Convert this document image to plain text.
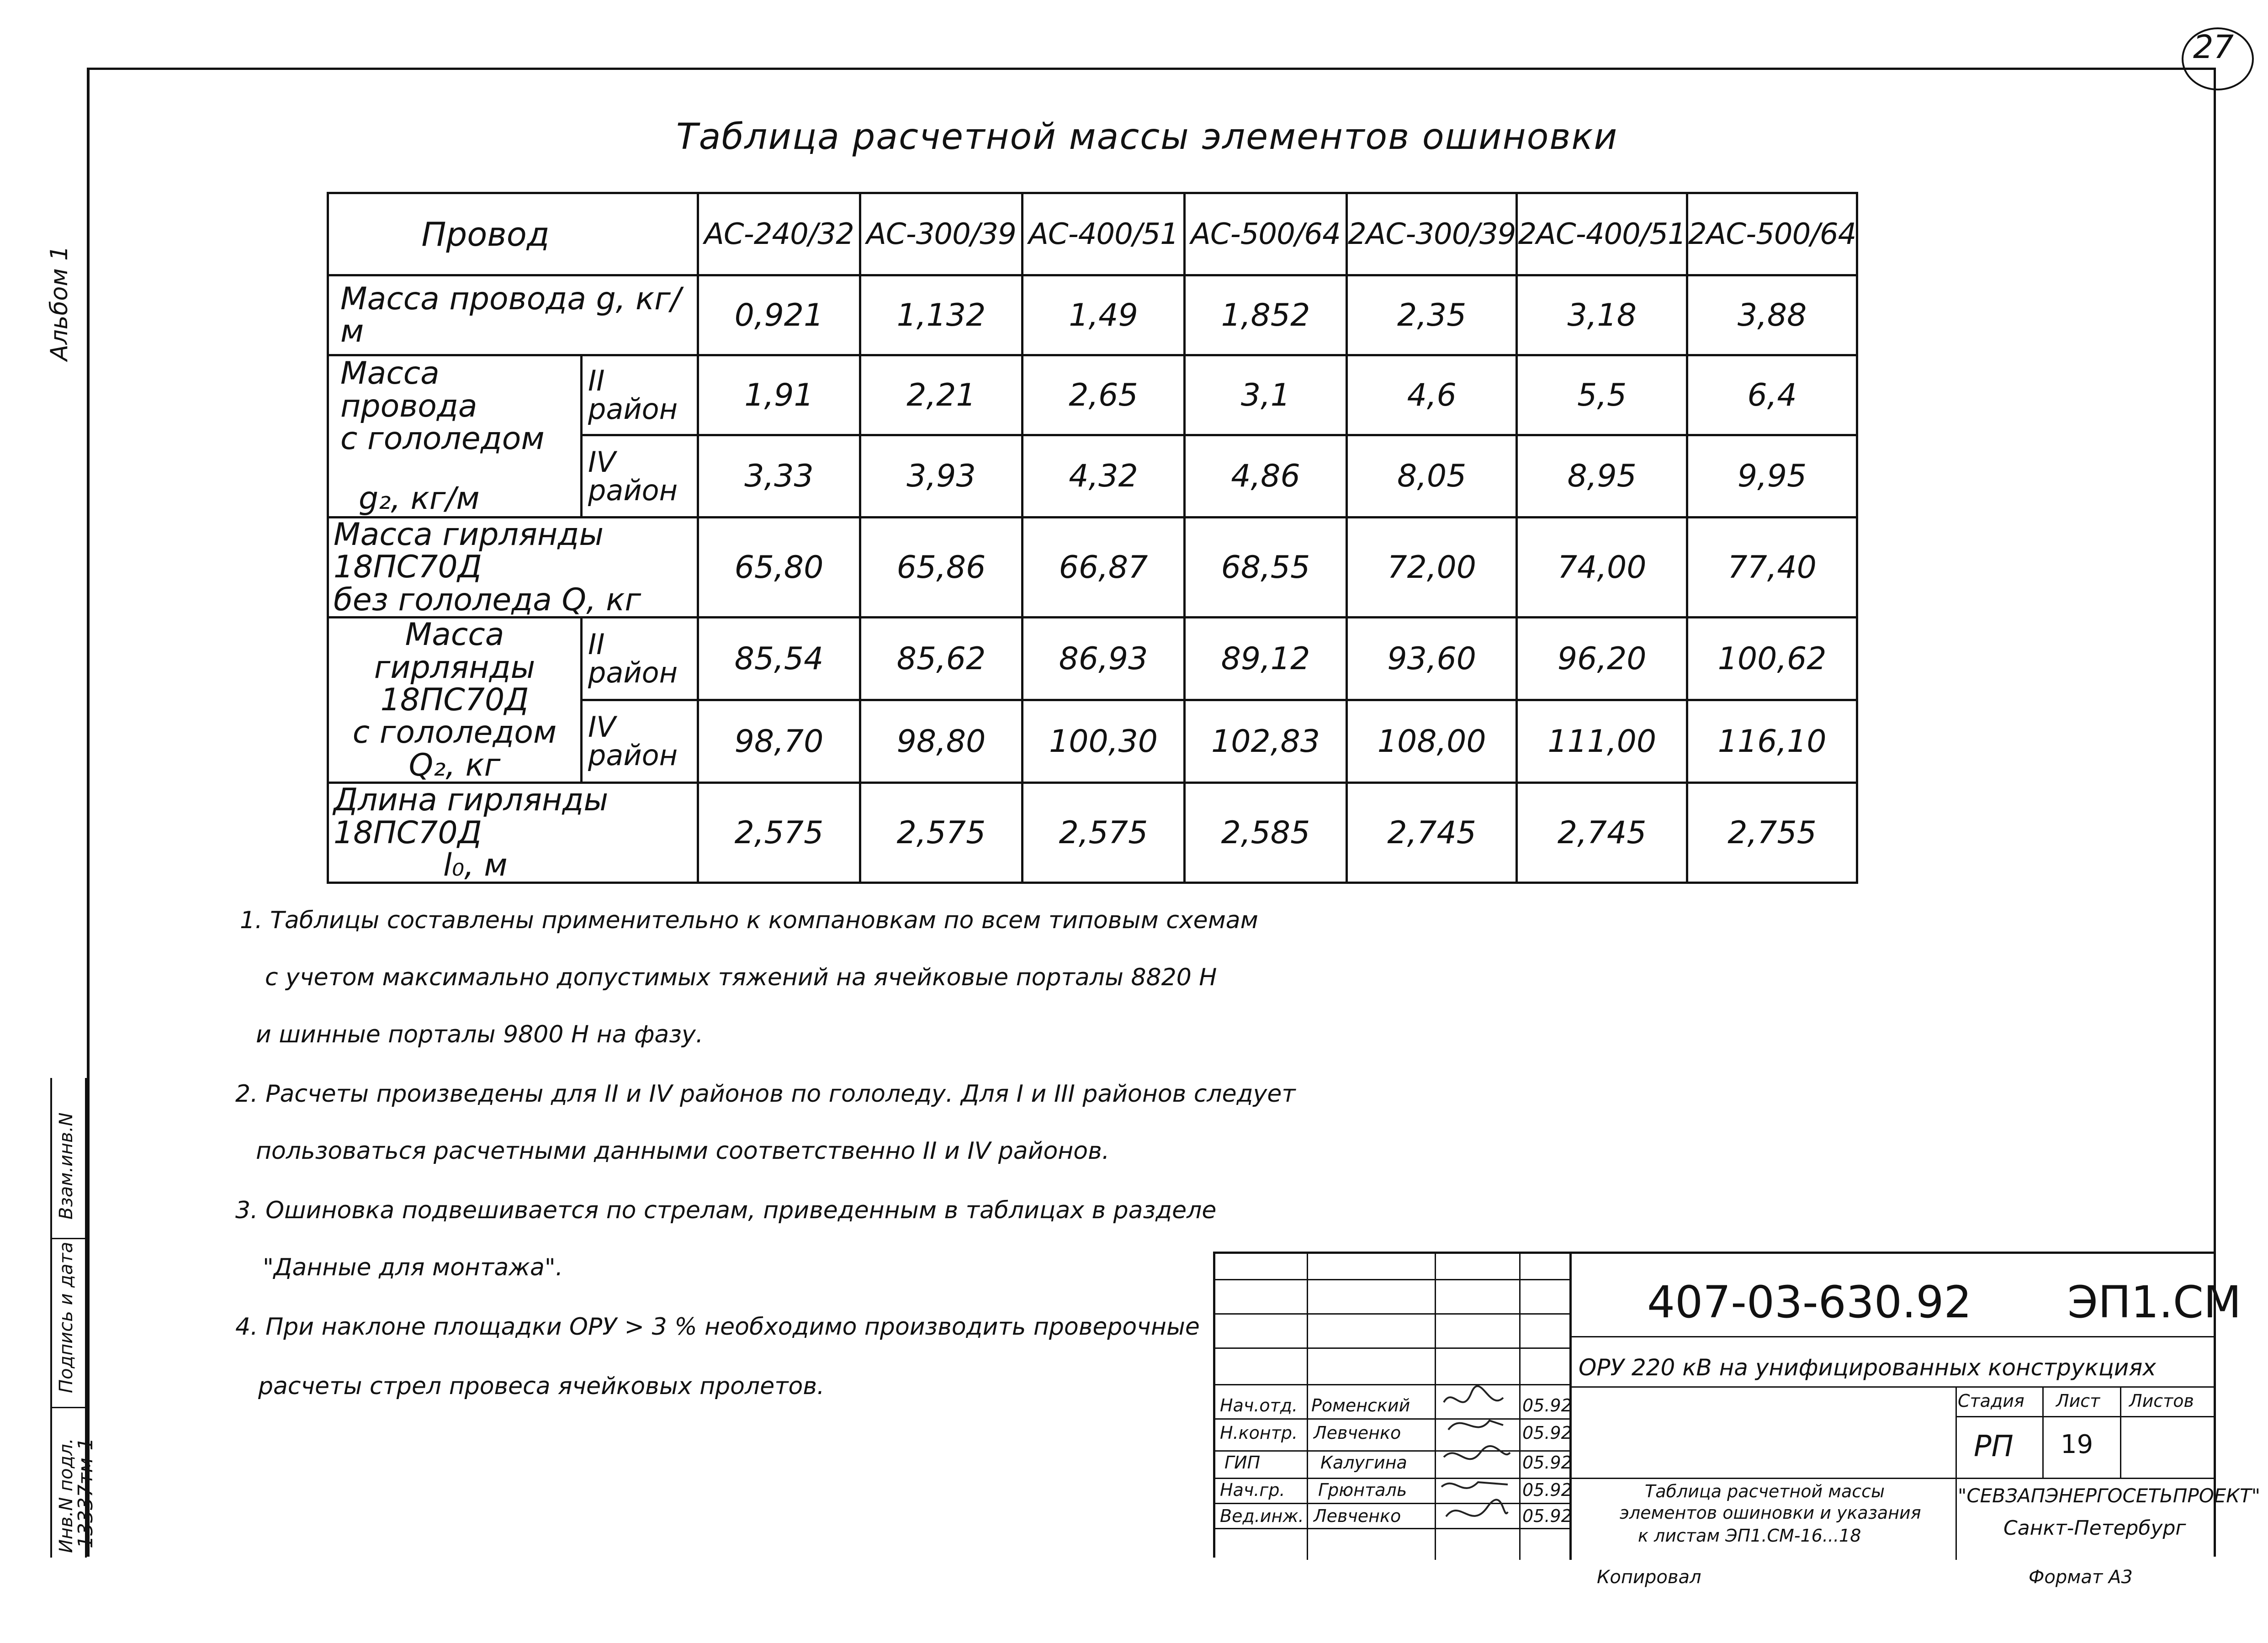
27
Альбом 1
Взам.инв.N
Подпись и дата
Инв.N подл.
13337тм-1
Таблица расчетной массы элементов ошиновки
Провод		АС-240/32	АС-300/39	АС-400/51	АС-500/64	2АС-300/39	2АС-400/51	2АС-500/64
Масса провода g, кг/м		0,921	1,132	1,49	1,852	2,35	3,18	3,88

Масса провода
с гололедом
g₂, кг/м	II район	1,91	2,21	2,65	3,1	4,6	5,5	6,4
	IV район	3,33	3,93	4,32	4,86	8,05	8,95	9,95

Масса гирлянды 18ПС70Д
без гололеда Q, кг		65,80	65,86	66,87	68,55	72,00	74,00	77,40

Масса гирлянды
18ПС70Д
с гололедом
Q₂, кг	II район	85,54	85,62	86,93	89,12	93,60	96,20	100,62
	IV район	98,70	98,80	100,30	102,83	108,00	111,00	116,10

Длина гирлянды 18ПС70Д
l₀, м		2,575	2,575	2,575	2,585	2,745	2,745	2,755
1. Таблицы составлены применительно к компановкам по всем типовым схемам
с учетом максимально допустимых тяжений на ячейковые порталы 8820 Н
и шинные порталы 9800 Н на фазу.
2. Расчеты произведены для II и IV районов по гололеду. Для I и III районов следует
пользоваться расчетными данными соответственно II и IV районов.
3. Ошиновка подвешивается по стрелам, приведенным в таблицах в разделе
"Данные для монтажа".
4. При наклоне площадки ОРУ > 3 % необходимо производить проверочные
расчеты стрел провеса ячейковых пролетов.
407-03-630.92 ЭП1.СМ
ОРУ 220 кВ на унифицированных конструкциях
Стадия Лист Листов
РП 19
Таблица расчетной массы
элементов ошиновки и указания
к листам ЭП1.СМ-16...18
"СЕВЗАПЭНЕРГОСЕТЬПРОЕКТ"
Санкт-Петербург
Нач.отд. Роменский	05.92
Н.контр. Левченко	05.92
ГИП	Калугина	05.92
Нач.гр. Грюнталь	05.92
Вед.инж. Левченко	05.92
Копировал	Формат А3
